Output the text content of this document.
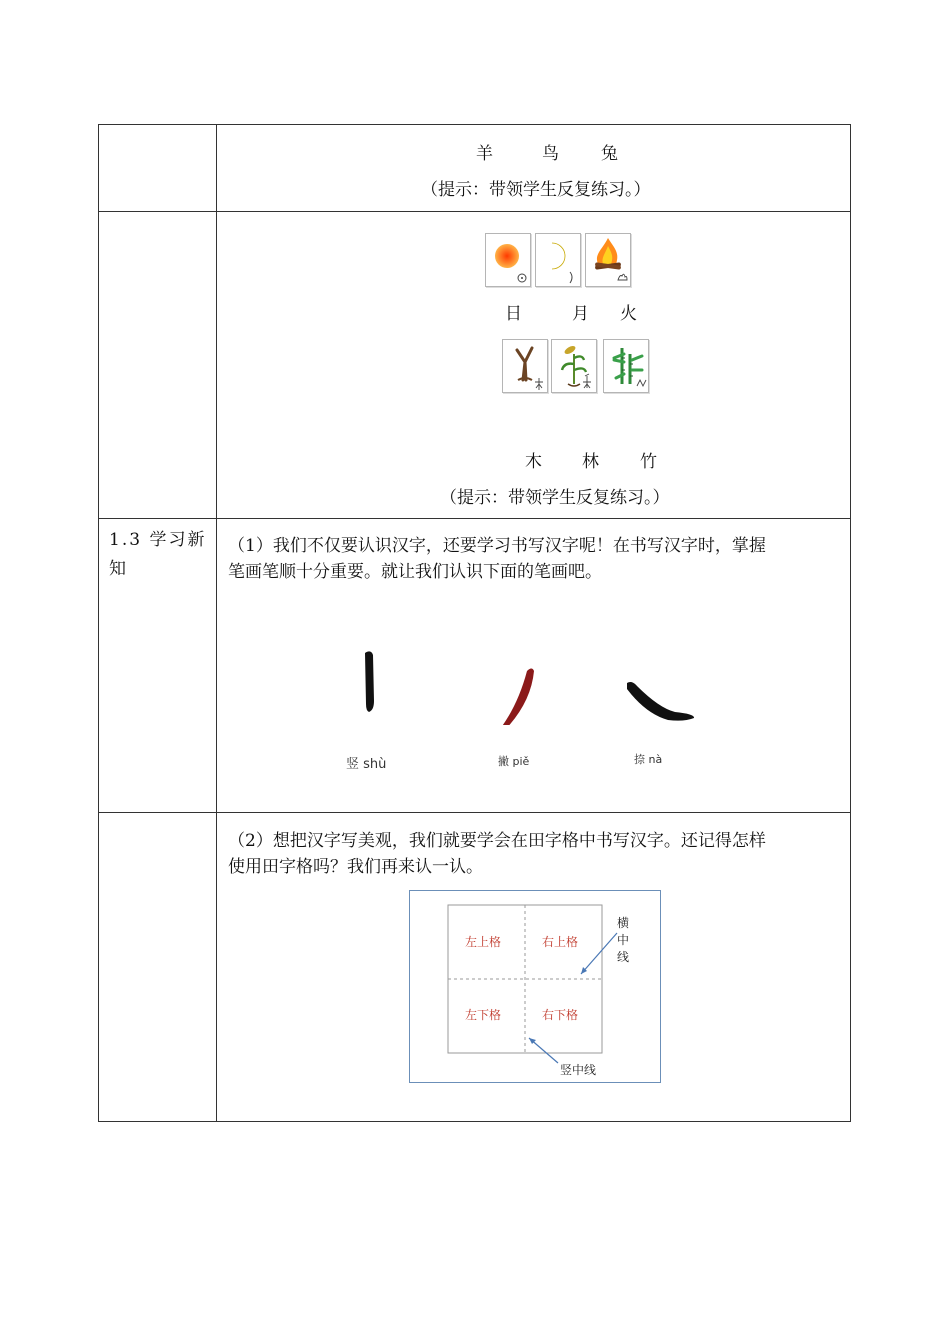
羊	鸟 兔
（提示：带领学生反复练习。）
日	月 火
木 林 竹
（提示：带领学生反复练习。）
1.3 学习新
知
（1）我们不仅要认识汉字，还要学习书写汉字呢！在书写汉字时，掌握
笔画笔顺十分重要。就让我们认识下面的笔画吧。
竖 shù	撇 piě	捺 nà
（2）想把汉字写美观，我们就要学会在田字格中书写汉字。还记得怎样
使用田字格吗？我们再来认一认。
左上格	右上格
左下格	右下格
横
中
线
竖中线
